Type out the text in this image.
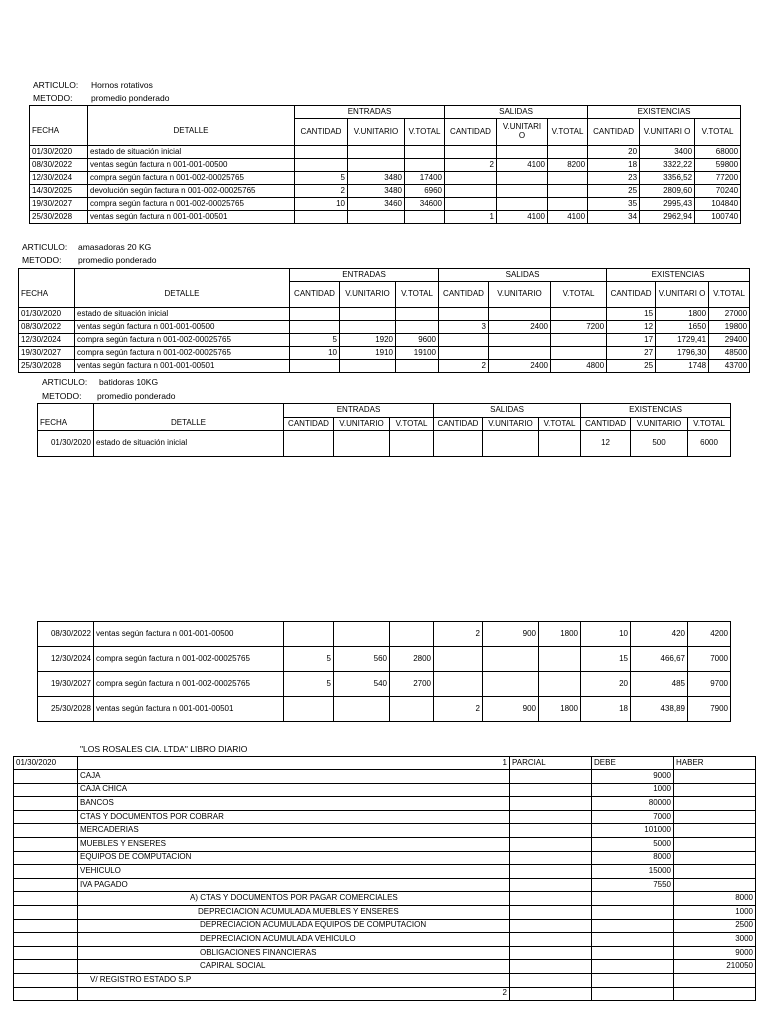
ARTICULO: Hornos rotativos
METODO: promedio ponderado
		ENTRADAS			SALIDAS			EXISTENCIAS		
FECHA	DETALLE	CANTIDAD	V.UNITARIO	V.TOTAL	CANTIDAD	V.UNITARI O	V.TOTAL	CANTIDAD	V.UNITARI O	V.TOTAL
01/30/2020	estado de situación inicial							20	3400	68000
08/30/2022	ventas según factura n 001-001-00500				2	4100	8200	18	3322,22	59800
12/30/2024	compra según factura n 001-002-00025765	5	3480	17400				23	3356,52	77200
14/30/2025	devolución según factura n 001-002-00025765	2	3480	6960				25	2809,60	70240
19/30/2027	compra según factura n 001-002-00025765	10	3460	34600				35	2995,43	104840
25/30/2028	ventas según factura n 001-001-00501				1	4100	4100	34	2962,94	100740
ARTICULO: amasadoras 20 KG
METODO: promedio ponderado
		ENTRADAS			SALIDAS			EXISTENCIAS		
FECHA	DETALLE	CANTIDAD	V.UNITARIO	V.TOTAL	CANTIDAD	V.UNITARIO	V.TOTAL	CANTIDAD	V.UNITARI O	V.TOTAL
01/30/2020	estado de situación inicial							15	1800	27000
08/30/2022	ventas según factura n 001-001-00500				3	2400	7200	12	1650	19800
12/30/2024	compra según factura n 001-002-00025765	5	1920	9600				17	1729,41	29400
19/30/2027	compra según factura n 001-002-00025765	10	1910	19100				27	1796,30	48500
25/30/2028	ventas según factura n 001-001-00501				2	2400	4800	25	1748	43700
ARTICULO: batidoras 10KG
METODO: promedio ponderado
		ENTRADAS			SALIDAS			EXISTENCIAS		
FECHA	DETALLE	CANTIDAD	V.UNITARIO	V.TOTAL	CANTIDAD	V.UNITARIO	V.TOTAL	CANTIDAD	V.UNITARIO	V.TOTAL
01/30/2020	estado de situación inicial							12	500	6000
08/30/2022	ventas según factura n 001-001-00500				2	900	1800	10	420	4200
12/30/2024	compra según factura n 001-002-00025765	5	560	2800				15	466,67	7000
19/30/2027	compra según factura n 001-002-00025765	5	540	2700				20	485	9700
25/30/2028	ventas según factura n 001-001-00501				2	900	1800	18	438,89	7900
"LOS ROSALES CIA. LTDA" LIBRO DIARIO
01/30/2020	1	PARCIAL	DEBE	HABER
	CAJA		9000	
	CAJA CHICA		1000	
	BANCOS		80000	
	CTAS Y DOCUMENTOS POR COBRAR		7000	
	MERCADERIAS		101000	
	MUEBLES Y ENSERES		5000	
	EQUIPOS DE COMPUTACION		8000	
	VEHICULO		15000	
	IVA PAGADO		7550	
	A) CTAS Y DOCUMENTOS POR PAGAR COMERCIALES			8000
	DEPRECIACION ACUMULADA MUEBLES Y ENSERES			1000
	DEPRECIACION ACUMULADA EQUIPOS DE COMPUTACION			2500
	DEPRECIACION ACUMULADA VEHICULO			3000
	OBLIGACIONES FINANCIERAS			9000
	CAPIRAL SOCIAL			210050
	V/ REGISTRO ESTADO S.P			
	2			
